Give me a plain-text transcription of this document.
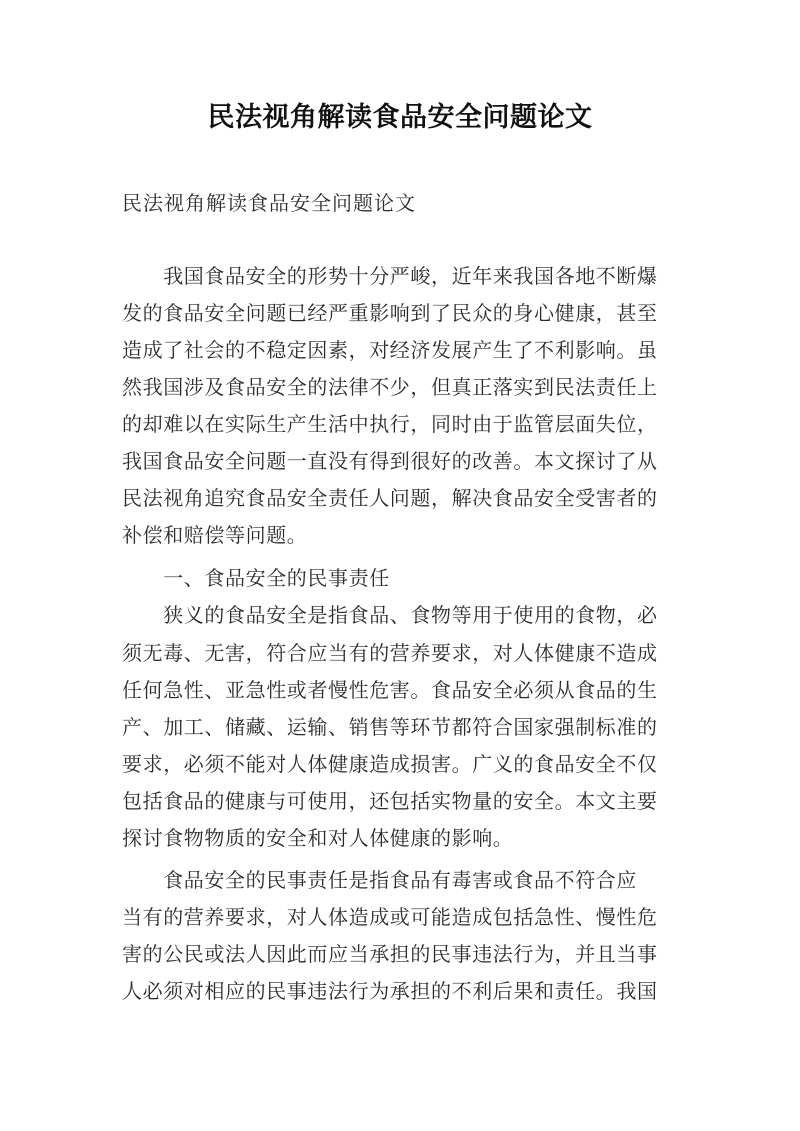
民法视角解读食品安全问题论文
民法视角解读食品安全问题论文
　　我国食品安全的形势十分严峻，近年来我国各地不断爆
发的食品安全问题已经严重影响到了民众的身心健康，甚至
造成了社会的不稳定因素，对经济发展产生了不利影响。虽
然我国涉及食品安全的法律不少，但真正落实到民法责任上
的却难以在实际生产生活中执行，同时由于监管层面失位，
我国食品安全问题一直没有得到很好的改善。本文探讨了从
民法视角追究食品安全责任人问题，解决食品安全受害者的
补偿和赔偿等问题。
　　一、食品安全的民事责任
　　狭义的食品安全是指食品、食物等用于使用的食物，必
须无毒、无害，符合应当有的营养要求，对人体健康不造成
任何急性、亚急性或者慢性危害。食品安全必须从食品的生
产、加工、储藏、运输、销售等环节都符合国家强制标准的
要求，必须不能对人体健康造成损害。广义的食品安全不仅
包括食品的健康与可使用，还包括实物量的安全。本文主要
探讨食物物质的安全和对人体健康的影响。
　　食品安全的民事责任是指食品有毒害或食品不符合应
当有的营养要求，对人体造成或可能造成包括急性、慢性危
害的公民或法人因此而应当承担的民事违法行为，并且当事
人必须对相应的民事违法行为承担的不利后果和责任。我国
